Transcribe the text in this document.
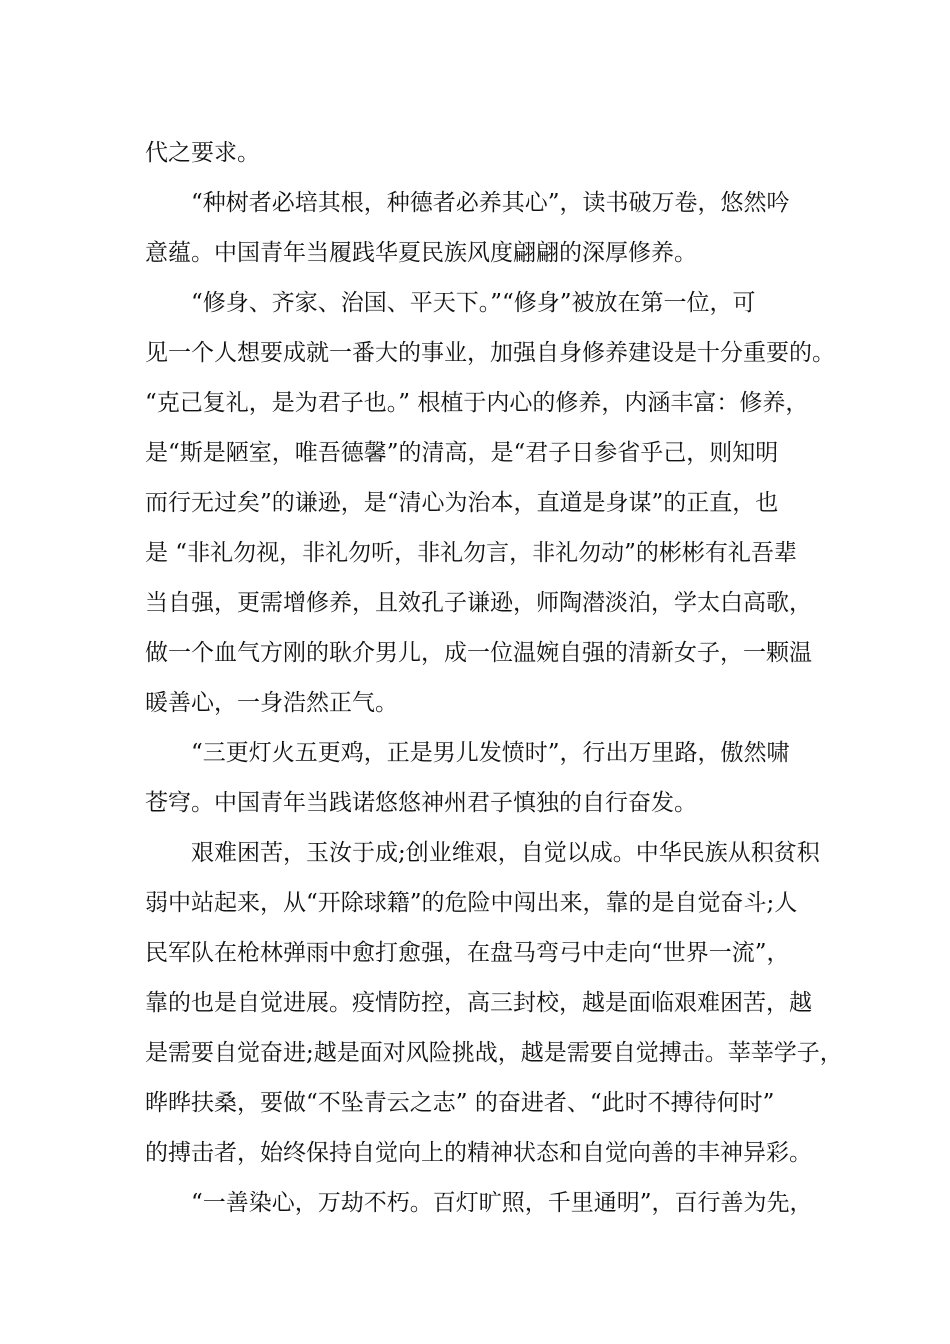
代之要求。
“种树者必培其根，种德者必养其心”，读书破万卷，悠然吟
意蕴。中国青年当履践华夏民族风度翩翩的深厚修养。
“修身、齐家、治国、平天下。”“修身”被放在第一位，可
见一个人想要成就一番大的事业，加强自身修养建设是十分重要的。
“克己复礼，是为君子也。” 根植于内心的修养，内涵丰富：修养，
是“斯是陋室，唯吾德馨”的清高，是“君子日参省乎己，则知明
而行无过矣”的谦逊，是“清心为治本，直道是身谋”的正直，也
是 “非礼勿视，非礼勿听，非礼勿言，非礼勿动”的彬彬有礼吾辈
当自强，更需增修养，且效孔子谦逊，师陶潜淡泊，学太白高歌，
做一个血气方刚的耿介男儿，成一位温婉自强的清新女子，一颗温
暖善心，一身浩然正气。
“三更灯火五更鸡，正是男儿发愤时”，行出万里路，傲然啸
苍穹。中国青年当践诺悠悠神州君子慎独的自行奋发。
艰难困苦，玉汝于成;创业维艰，自觉以成。中华民族从积贫积
弱中站起来，从“开除球籍”的危险中闯出来，靠的是自觉奋斗;人
民军队在枪林弹雨中愈打愈强，在盘马弯弓中走向“世界一流”，
靠的也是自觉进展。疫情防控，高三封校，越是面临艰难困苦，越
是需要自觉奋进;越是面对风险挑战，越是需要自觉搏击。莘莘学子，
晔晔扶桑，要做“不坠青云之志” 的奋进者、“此时不搏待何时”
的搏击者，始终保持自觉向上的精神状态和自觉向善的丰神异彩。
“一善染心，万劫不朽。百灯旷照，千里通明”，百行善为先，
